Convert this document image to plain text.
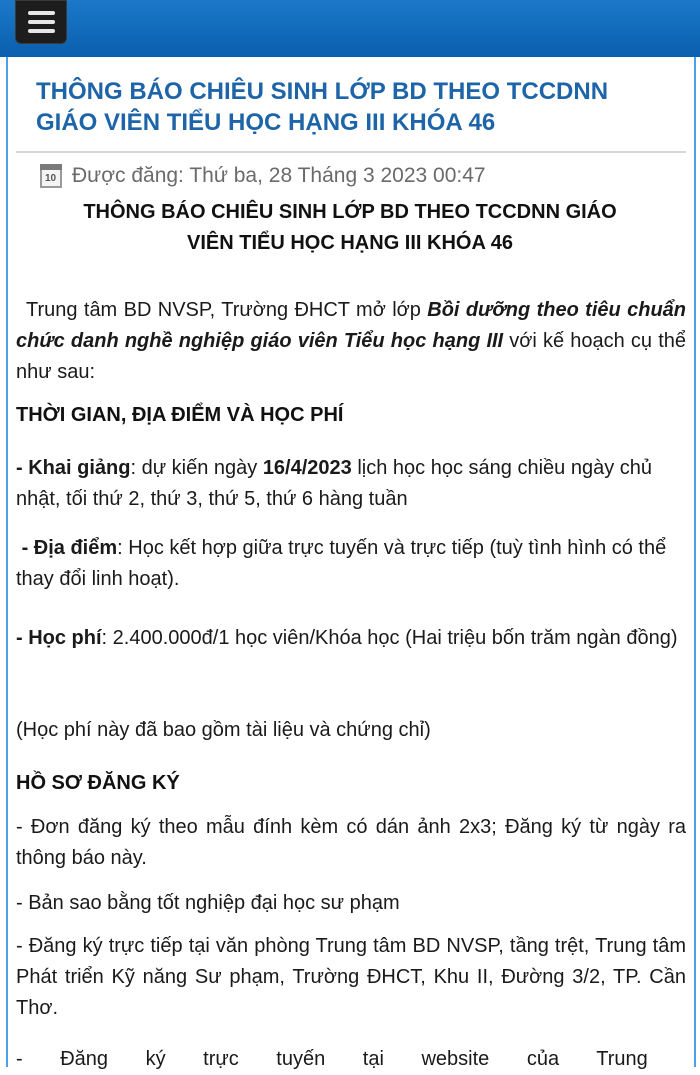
THÔNG BÁO CHIÊU SINH LỚP BD THEO TCCDNN GIÁO VIÊN TIỂU HỌC HẠNG III KHÓA 46
10 Được đăng: Thứ ba, 28 Tháng 3 2023 00:47
THÔNG BÁO CHIÊU SINH LỚP BD THEO TCCDNN GIÁO
VIÊN TIỂU HỌC HẠNG III KHÓA 46

Trung tâm BD NVSP, Trường ĐHCT mở lớp Bồi dưỡng theo tiêu chuẩn chức danh nghề nghiệp giáo viên Tiểu học hạng III với kế hoạch cụ thể như sau:

THỜI GIAN, ĐỊA ĐIỂM VÀ HỌC PHÍ

- Khai giảng: dự kiến ngày 16/4/2023 lịch học học sáng chiều ngày chủ nhật, tối thứ 2, thứ 3, thứ 5, thứ 6 hàng tuần

- Địa điểm: Học kết hợp giữa trực tuyến và trực tiếp (tuỳ tình hình có thể thay đổi linh hoạt).

- Học phí: 2.400.000đ/1 học viên/Khóa học (Hai triệu bốn trăm ngàn đồng)

(Học phí này đã bao gồm tài liệu và chứng chỉ)

HỒ SƠ ĐĂNG KÝ

- Đơn đăng ký theo mẫu đính kèm có dán ảnh 2x3; Đăng ký từ ngày ra thông báo này.

- Bản sao bằng tốt nghiệp đại học sư phạm

- Đăng ký trực tiếp tại văn phòng Trung tâm BD NVSP, tầng trệt, Trung tâm Phát triển Kỹ năng Sư phạm, Trường ĐHCT, Khu II, Đường 3/2, TP. Cần Thơ.

- Đăng ký trực tuyến tại website của Trung
